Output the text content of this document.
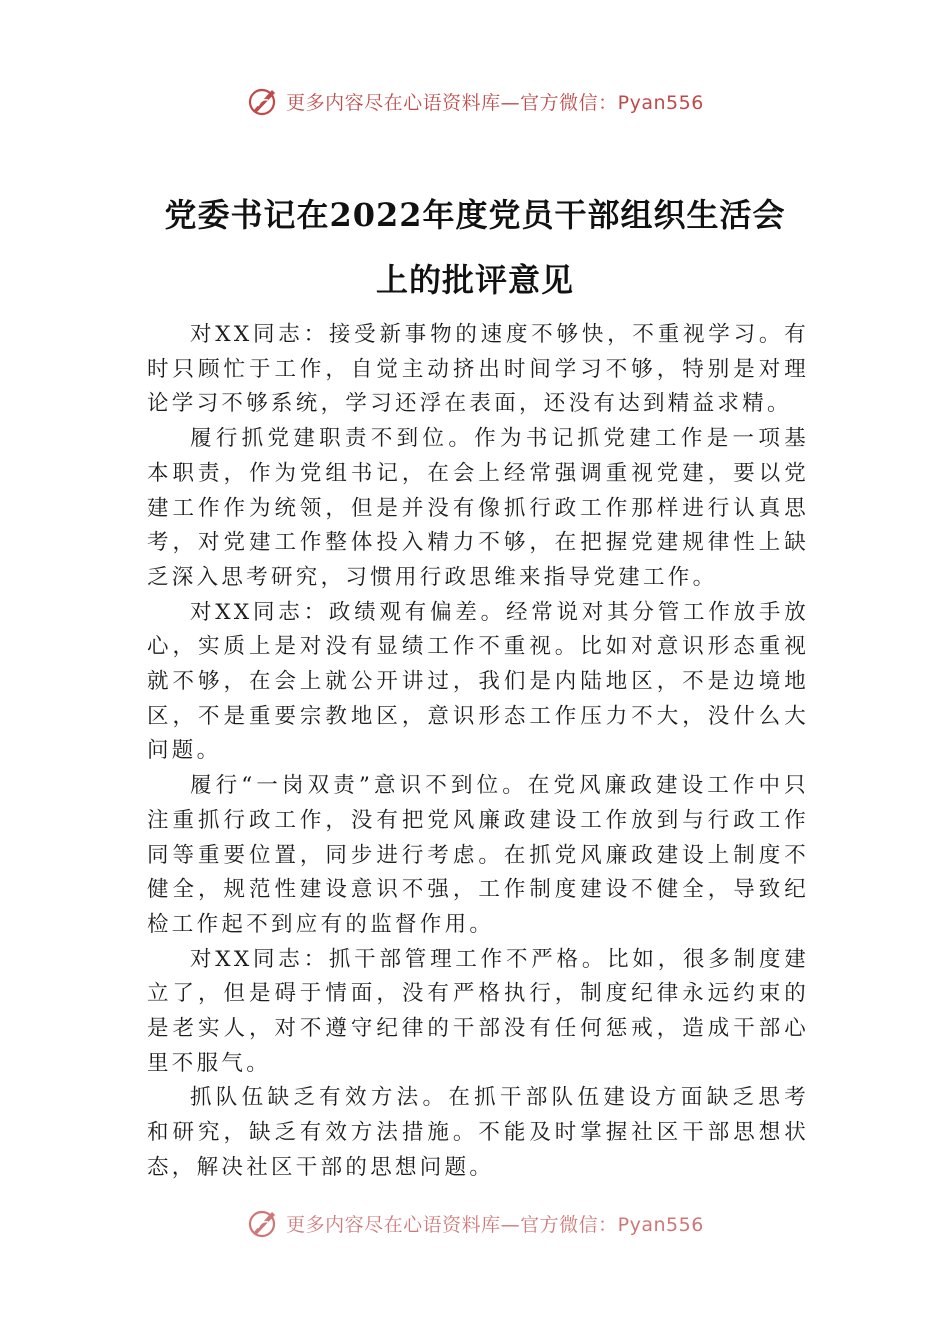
更多内容尽在心语资料库—官方微信：Pyan556
党委书记在2022年度党员干部组织生活会
上的批评意见

对XX同志：接受新事物的速度不够快，不重视学习。有时只顾忙于工作，自觉主动挤出时间学习不够，特别是对理论学习不够系统，学习还浮在表面，还没有达到精益求精。

履行抓党建职责不到位。作为书记抓党建工作是一项基本职责，作为党组书记，在会上经常强调重视党建，要以党建工作作为统领，但是并没有像抓行政工作那样进行认真思考，对党建工作整体投入精力不够，在把握党建规律性上缺乏深入思考研究，习惯用行政思维来指导党建工作。

对XX同志：政绩观有偏差。经常说对其分管工作放手放心，实质上是对没有显绩工作不重视。比如对意识形态重视就不够，在会上就公开讲过，我们是内陆地区，不是边境地区，不是重要宗教地区，意识形态工作压力不大，没什么大问题。

履行“一岗双责”意识不到位。在党风廉政建设工作中只注重抓行政工作，没有把党风廉政建设工作放到与行政工作同等重要位置，同步进行考虑。在抓党风廉政建设上制度不健全，规范性建设意识不强，工作制度建设不健全，导致纪检工作起不到应有的监督作用。

对XX同志：抓干部管理工作不严格。比如，很多制度建立了，但是碍于情面，没有严格执行，制度纪律永远约束的是老实人，对不遵守纪律的干部没有任何惩戒，造成干部心里不服气。

抓队伍缺乏有效方法。在抓干部队伍建设方面缺乏思考和研究，缺乏有效方法措施。不能及时掌握社区干部思想状态，解决社区干部的思想问题。

更多内容尽在心语资料库—官方微信：Pyan556
